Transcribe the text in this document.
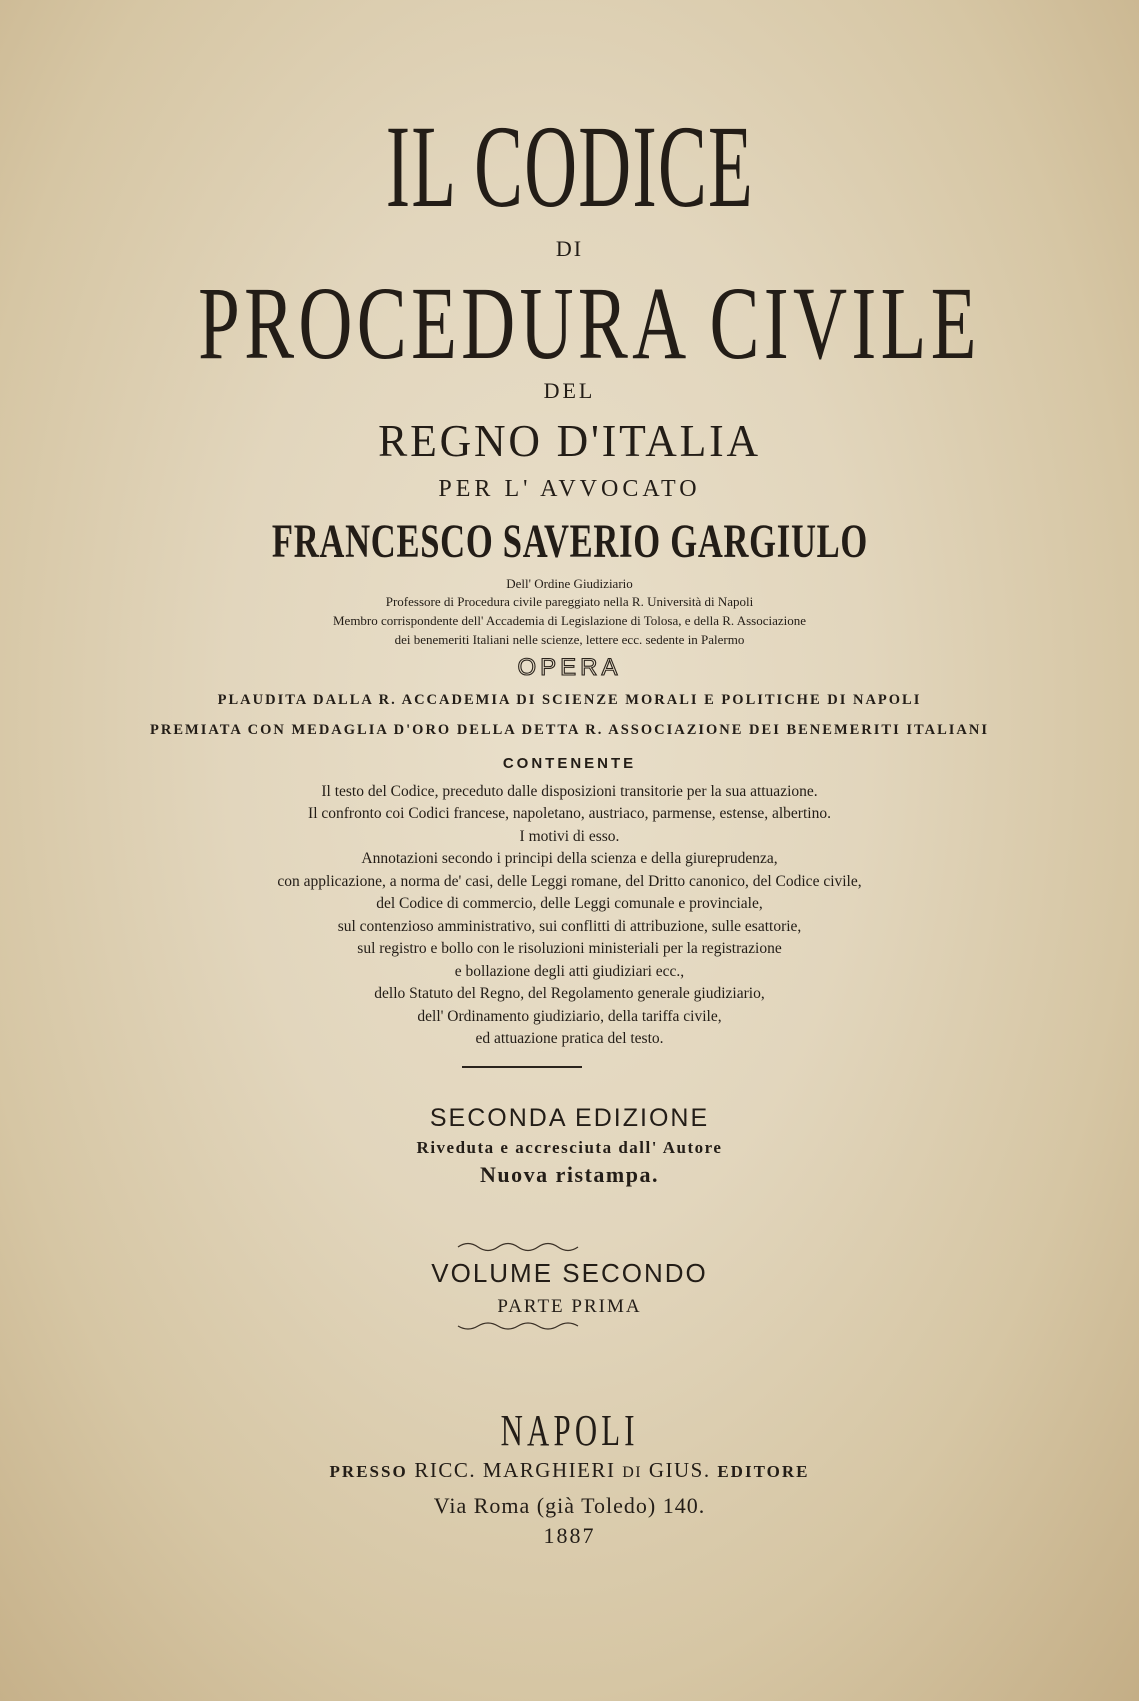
IL CODICE
DI
PROCEDURA CIVILE
DEL
REGNO D'ITALIA
PER L' AVVOCATO
FRANCESCO SAVERIO GARGIULO
Dell' Ordine Giudiziario
Professore di Procedura civile pareggiato nella R. Università di Napoli
Membro corrispondente dell' Accademia di Legislazione di Tolosa, e della R. Associazione
dei benemeriti Italiani nelle scienze, lettere ecc. sedente in Palermo
OPERA
PLAUDITA DALLA R. ACCADEMIA DI SCIENZE MORALI E POLITICHE DI NAPOLI
PREMIATA CON MEDAGLIA D'ORO DELLA DETTA R. ASSOCIAZIONE DEI BENEMERITI ITALIANI
CONTENENTE
Il testo del Codice, preceduto dalle disposizioni transitorie per la sua attuazione.
Il confronto coi Codici francese, napoletano, austriaco, parmense, estense, albertino.
I motivi di esso.
Annotazioni secondo i principi della scienza e della giureprudenza,
con applicazione, a norma de' casi, delle Leggi romane, del Dritto canonico, del Codice civile,
del Codice di commercio, delle Leggi comunale e provinciale,
sul contenzioso amministrativo, sui conflitti di attribuzione, sulle esattorie,
sul registro e bollo con le risoluzioni ministeriali per la registrazione
e bollazione degli atti giudiziari ecc.,
dello Statuto del Regno, del Regolamento generale giudiziario,
dell' Ordinamento giudiziario, della tariffa civile,
ed attuazione pratica del testo.
SECONDA EDIZIONE
Riveduta e accresciuta dall' Autore
Nuova ristampa.
VOLUME SECONDO
PARTE PRIMA
NAPOLI
PRESSO RICC. MARGHIERI DI GIUS. EDITORE
Via Roma (già Toledo) 140.
1887
